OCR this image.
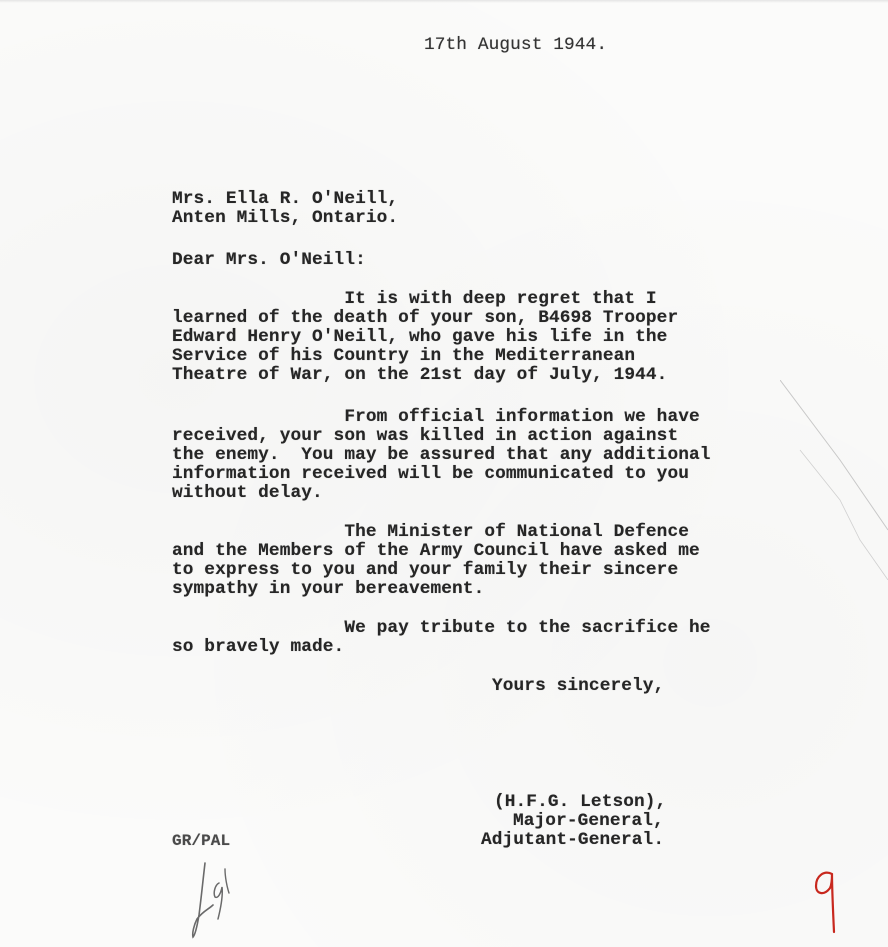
17th August 1944.
Mrs. Ella R. O'Neill,
Anten Mills, Ontario.
Dear Mrs. O'Neill:
It is with deep regret that I
learned of the death of your son, B4698 Trooper
Edward Henry O'Neill, who gave his life in the
Service of his Country in the Mediterranean
Theatre of War, on the 21st day of July, 1944.
From official information we have
received, your son was killed in action against
the enemy.  You may be assured that any additional
information received will be communicated to you
without delay.
The Minister of National Defence
and the Members of the Army Council have asked me
to express to you and your family their sincere
sympathy in your bereavement.
We pay tribute to the sacrifice he
so bravely made.
Yours sincerely,
(H.F.G. Letson),
Major-General,
Adjutant-General.
GR/PAL
